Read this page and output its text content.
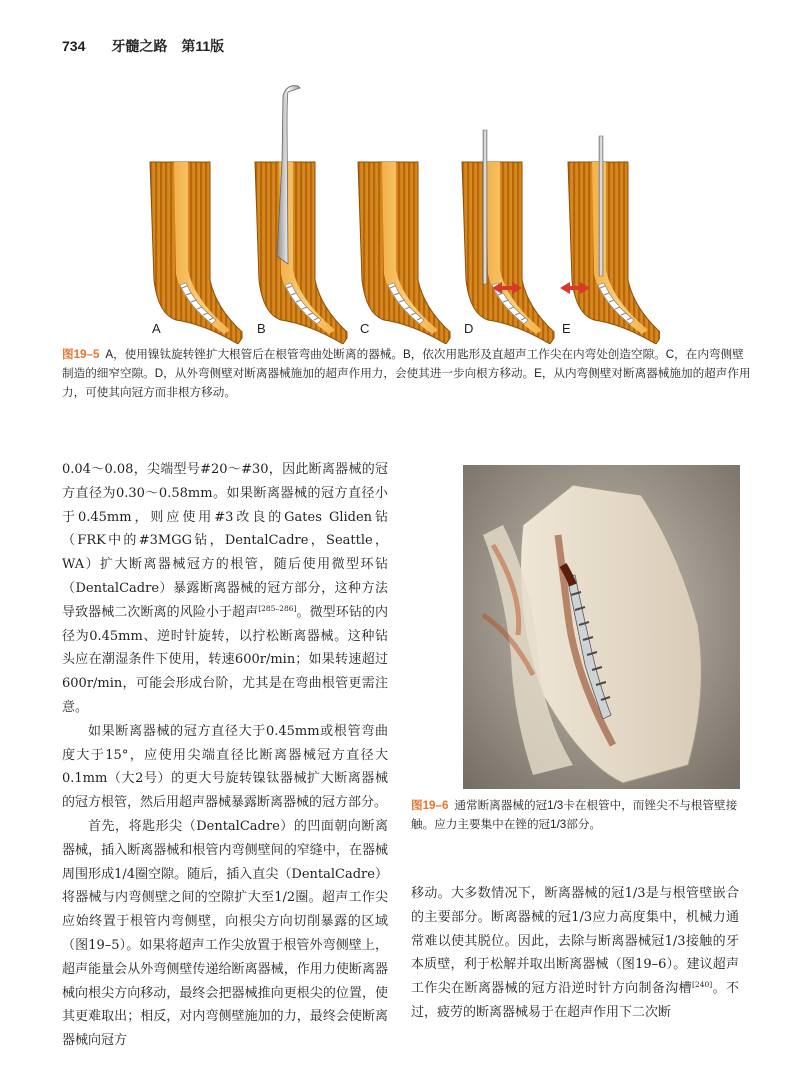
734 牙髓之路　第11版
A	B	C	D	E
图19–5 A，使用镍钛旋转锉扩大根管后在根管弯曲处断离的器械。B，依次用匙形及直超声工作尖在内弯处创造空隙。C，在内弯侧壁制造的细窄空隙。D，从外弯侧壁对断离器械施加的超声作用力，会使其进一步向根方移动。E，从内弯侧壁对断离器械施加的超声作用力，可使其向冠方而非根方移动。

0.04～0.08，尖端型号#20～#30，因此断离器械的冠方直径为0.30～0.58mm。如果断离器械的冠方直径小于0.45mm，则应使用#3改良的Gates Gliden钻（FRK中的#3MGG钻，DentalCadre，Seattle，WA）扩大断离器械冠方的根管，随后使用微型环钻（DentalCadre）暴露断离器械的冠方部分，这种方法导致器械二次断离的风险小于超声[285–286]。微型环钻的内径为0.45mm、逆时针旋转，以拧松断离器械。这种钻头应在潮湿条件下使用，转速600r/min；如果转速超过600r/min，可能会形成台阶，尤其是在弯曲根管更需注意。

如果断离器械的冠方直径大于0.45mm或根管弯曲度大于15°，应使用尖端直径比断离器械冠方直径大0.1mm（大2号）的更大号旋转镍钛器械扩大断离器械的冠方根管，然后用超声器械暴露断离器械的冠方部分。

首先，将匙形尖（DentalCadre）的凹面朝向断离器械，插入断离器械和根管内弯侧壁间的窄缝中，在器械周围形成1/4圈空隙。随后，插入直尖（DentalCadre）将器械与内弯侧壁之间的空隙扩大至1/2圈。超声工作尖应始终置于根管内弯侧壁，向根尖方向切削暴露的区域（图19–5）。如果将超声工作尖放置于根管外弯侧壁上，超声能量会从外弯侧壁传递给断离器械，作用力使断离器械向根尖方向移动，最终会把器械推向更根尖的位置，使其更难取出；相反，对内弯侧壁施加的力，最终会使断离器械向冠方

图19–6 通常断离器械的冠1/3卡在根管中，而锉尖不与根管壁接触。应力主要集中在锉的冠1/3部分。

移动。大多数情况下，断离器械的冠1/3是与根管壁嵌合的主要部分。断离器械的冠1/3应力高度集中，机械力通常难以使其脱位。因此，去除与断离器械冠1/3接触的牙本质壁，利于松解并取出断离器械（图19–6）。建议超声工作尖在断离器械的冠方沿逆时针方向制备沟槽[240]。不过，疲劳的断离器械易于在超声作用下二次断
